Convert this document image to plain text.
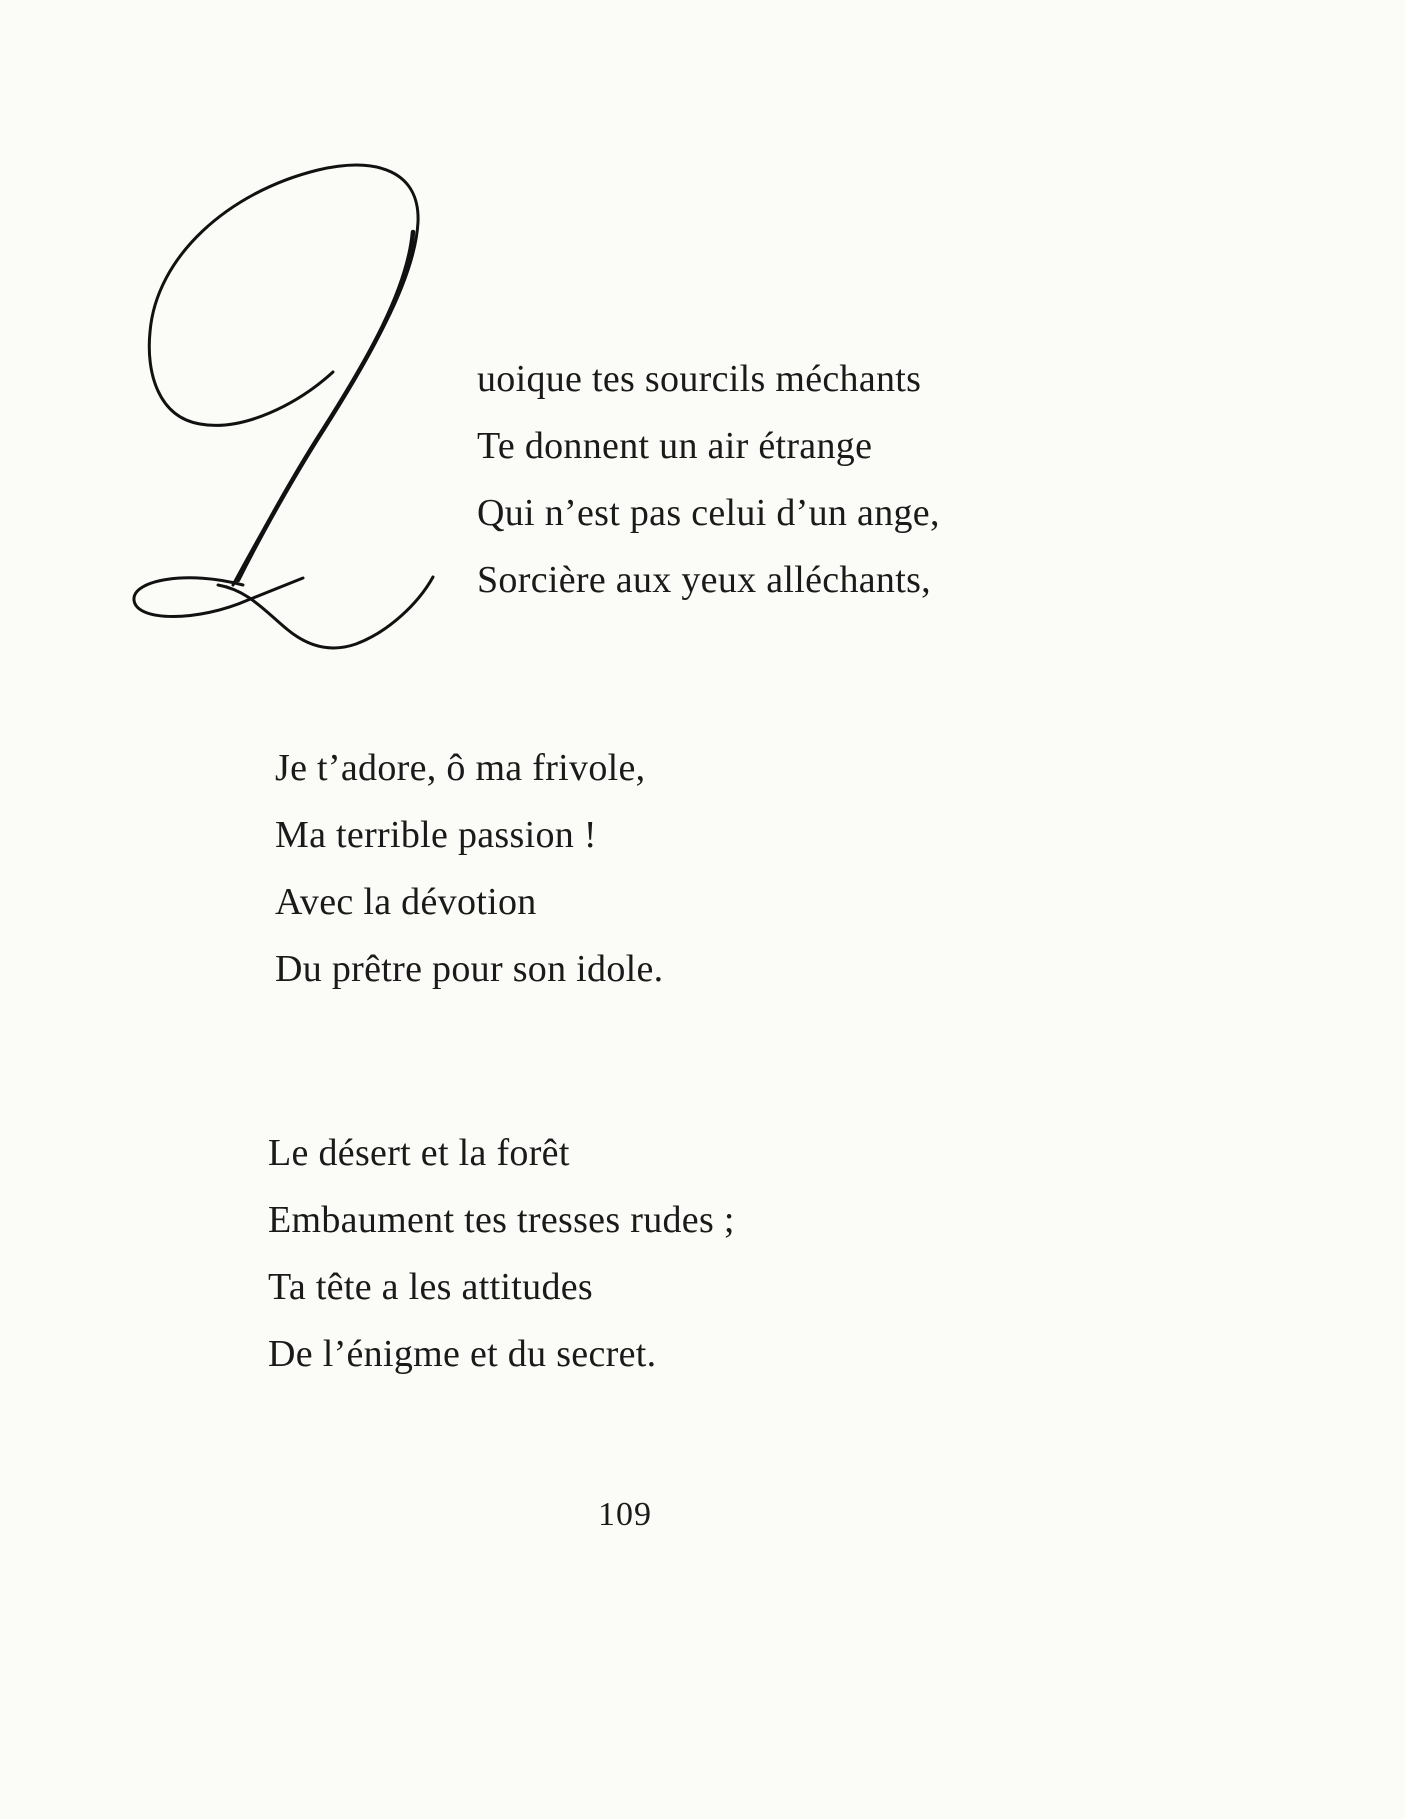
uoique tes sourcils méchants
Te donnent un air étrange
Qui n’est pas celui d’un ange,
Sorcière aux yeux alléchants,
Je t’adore, ô ma frivole,
Ma terrible passion !
Avec la dévotion
Du prêtre pour son idole.
Le désert et la forêt
Embaument tes tresses rudes ;
Ta tête a les attitudes
De l’énigme et du secret.
109
